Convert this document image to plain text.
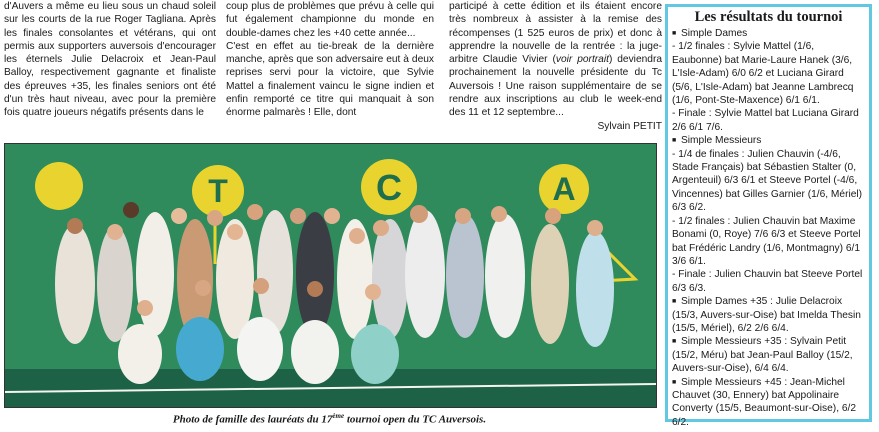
d'Auvers a même eu lieu sous un chaud soleil sur les courts de la rue Roger Tagliana. Après les finales consolantes et vétérans, qui ont permis aux supporters auversois d'encourager les éternels Julie Delacroix et Jean-Paul Balloy, respectivement gagnante et finaliste des épreuves +35, les finales seniors ont été d'un très haut niveau, avec pour la première fois quatre joueurs négatifs présents dans le

coup plus de problèmes que prévu à celle qui fut également championne du monde en double-dames chez les +40 cette année...

C'est en effet au tie-break de la dernière manche, après que son adversaire eut à deux reprises servi pour la victoire, que Sylvie Mattel a finalement vaincu le signe indien et enfin remporté ce titre qui manquait à son énorme palmarès ! Elle, dont

participé à cette édition et ils étaient encore très nombreux à assister à la remise des récompenses (1 525 euros de prix) et donc à apprendre la nouvelle de la rentrée : la juge-arbitre Claudie Vivier (voir portrait) deviendra prochainement la nouvelle présidente du Tc Auversois ! Une raison supplémentaire de se rendre aux inscriptions au club le week-end des 11 et 12 septembre...

Sylvain PETIT

T	C	A
Photo de famille des lauréats du 17ème tournoi open du TC Auversois.
Les résultats du tournoi
■ Simple Dames
- 1/2 finales : Sylvie Mattel (1/6, Eaubonne) bat Marie-Laure Hanek (3/6, L'Isle-Adam) 6/0 6/2 et Luciana Girard (5/6, L'Isle-Adam) bat Jeanne Lambrecq (1/6, Pont-Ste-Maxence) 6/1 6/1.
- Finale : Sylvie Mattel bat Luciana Girard 2/6 6/1 7/6.
■ Simple Messieurs
- 1/4 de finales : Julien Chauvin (-4/6, Stade Français) bat Sébastien Stalter (0, Argenteuil) 6/3 6/1 et Steeve Portel (-4/6, Vincennes) bat Gilles Garnier (1/6, Mériel) 6/3 6/2.
- 1/2 finales : Julien Chauvin bat Maxime Bonami (0, Roye) 7/6 6/3 et Steeve Portel bat Frédéric Landry (1/6, Montmagny) 6/1 3/6 6/1.
- Finale : Julien Chauvin bat Steeve Portel 6/3 6/3.
■ Simple Dames +35 : Julie Delacroix (15/3, Auvers-sur-Oise) bat Imelda Thesin (15/5, Mériel), 6/2 2/6 6/4.
■ Simple Messieurs +35 : Sylvain Petit (15/2, Méru) bat Jean-Paul Balloy (15/2, Auvers-sur-Oise), 6/4 6/4.
■ Simple Messieurs +45 : Jean-Michel Chauvet (30, Ennery) bat Appolinaire Converty (15/5, Beaumont-sur-Oise), 6/2 6/2.
